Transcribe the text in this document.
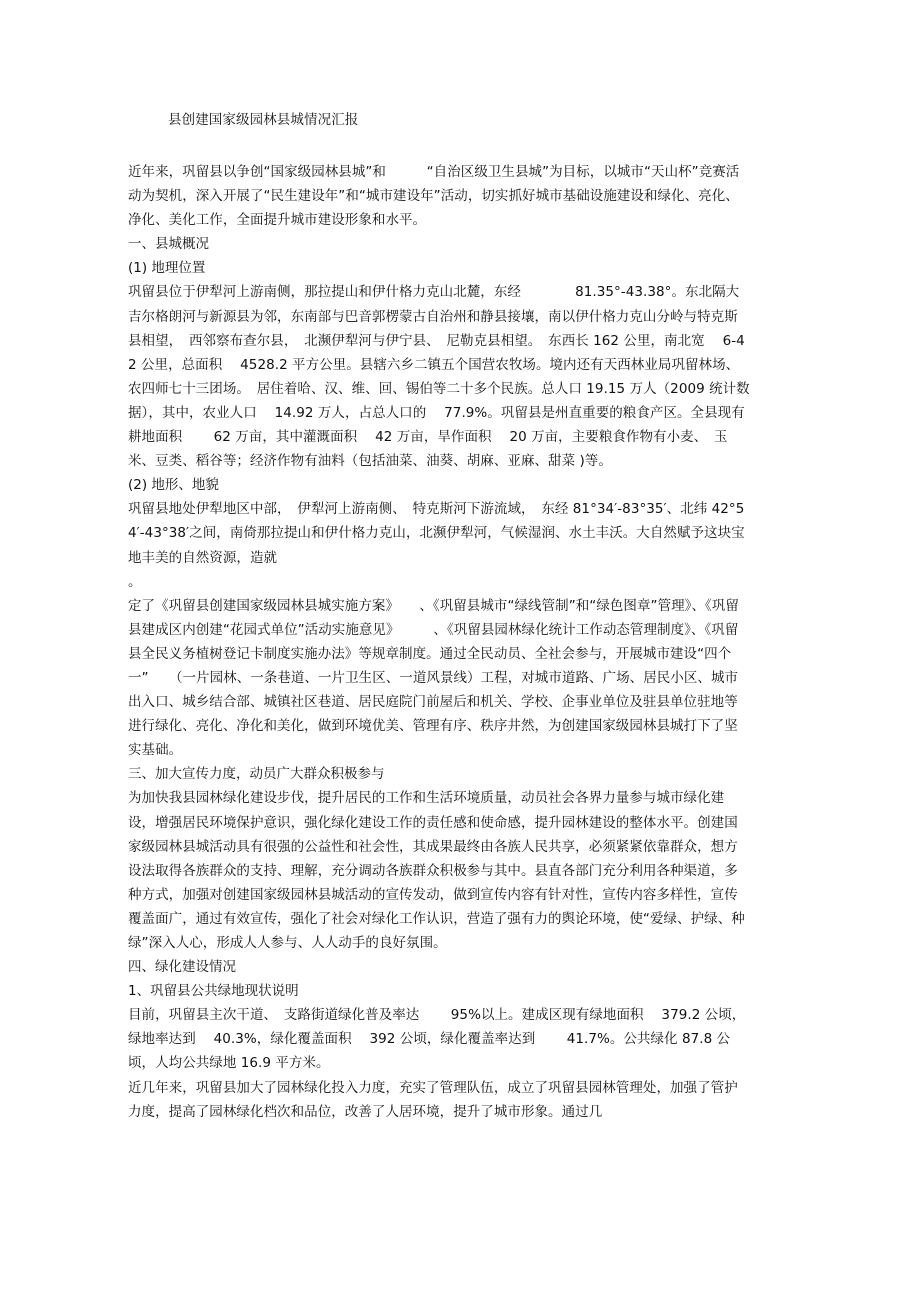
县创建国家级园林县城情况汇报

近年来，巩留县以争创“国家级园林县城”和　　　“自治区级卫生县城”为目标，以城市“天山杯”竞赛活动为契机，深入开展了“民生建设年”和“城市建设年”活动，切实抓好城市基础设施建设和绿化、亮化、净化、美化工作，全面提升城市建设形象和水平。

一、县城概况

(1) 地理位置

巩留县位于伊犁河上游南侧，那拉提山和伊什格力克山北麓，东经　　　　81.35°-43.38°。东北隔大吉尔格朗河与新源县为邻，东南部与巴音郭楞蒙古自治州和静县接壤，南以伊什格力克山分岭与特克斯县相望，　西邻察布查尔县，　北濒伊犁河与伊宁县、　尼勒克县相望。　东西长 162 公里，南北宽　 6-42 公里，总面积　 4528.2 平方公里。县辖六乡二镇五个国营农牧场。境内还有天西林业局巩留林场、　农四师七十三团场。　居住着哈、汉、维、回、锡伯等二十多个民族。总人口 19.15 万人（2009 统计数据），其中，农业人口　 14.92 万人，占总人口的　 77.9%。巩留县是州直重要的粮食产区。全县现有耕地面积　　 62 万亩，其中灌溉面积　 42 万亩，旱作面积　 20 万亩，主要粮食作物有小麦、　玉米、豆类、稻谷等；经济作物有油料（包括油菜、油葵、胡麻、亚麻、甜菜 )等。

(2) 地形、地貌

巩留县地处伊犁地区中部，　伊犁河上游南侧、　特克斯河下游流域，　东经 81°34′-83°35′、北纬 42°54′-43°38′之间，南倚那拉提山和伊什格力克山，北濒伊犁河，气候湿润、水土丰沃。大自然赋予这块宝地丰美的自然资源，造就

。

定了《巩留县创建国家级园林县城实施方案》　　、《巩留县城市“绿线管制”和“绿色图章”管理》、《巩留县建成区内创建“花园式单位”活动实施意见》　　　、《巩留县园林绿化统计工作动态管理制度》、《巩留县全民义务植树登记卡制度实施办法》等规章制度。通过全民动员、全社会参与，开展城市建设“四个一”　　（一片园林、一条巷道、一片卫生区、一道风景线）工程，对城市道路、广场、居民小区、城市出入口、城乡结合部、城镇社区巷道、居民庭院门前屋后和机关、学校、企事业单位及驻县单位驻地等进行绿化、亮化、净化和美化，做到环境优美、管理有序、秩序井然，为创建国家级园林县城打下了坚实基础。

三、加大宣传力度，动员广大群众积极参与

为加快我县园林绿化建设步伐，提升居民的工作和生活环境质量，动员社会各界力量参与城市绿化建设，增强居民环境保护意识，强化绿化建设工作的责任感和使命感，提升园林建设的整体水平。创建国家级园林县城活动具有很强的公益性和社会性，其成果最终由各族人民共享，必须紧紧依靠群众，想方设法取得各族群众的支持、理解，充分调动各族群众积极参与其中。县直各部门充分利用各种渠道，多种方式，加强对创建国家级园林县城活动的宣传发动，做到宣传内容有针对性，宣传内容多样性，宣传覆盖面广，通过有效宣传，强化了社会对绿化工作认识，营造了强有力的舆论环境，使“爱绿、护绿、种绿”深入人心，形成人人参与、人人动手的良好氛围。

四、绿化建设情况

1、巩留县公共绿地现状说明

目前，巩留县主次干道、　支路街道绿化普及率达　　 95%以上。建成区现有绿地面积　 379.2 公顷，绿地率达到　 40.3%，绿化覆盖面积　 392 公顷，绿化覆盖率达到　　 41.7%。公共绿化 87.8 公顷，人均公共绿地 16.9 平方米。

近几年来，巩留县加大了园林绿化投入力度，充实了管理队伍，成立了巩留县园林管理处，加强了管护力度，提高了园林绿化档次和品位，改善了人居环境，提升了城市形象。通过几
